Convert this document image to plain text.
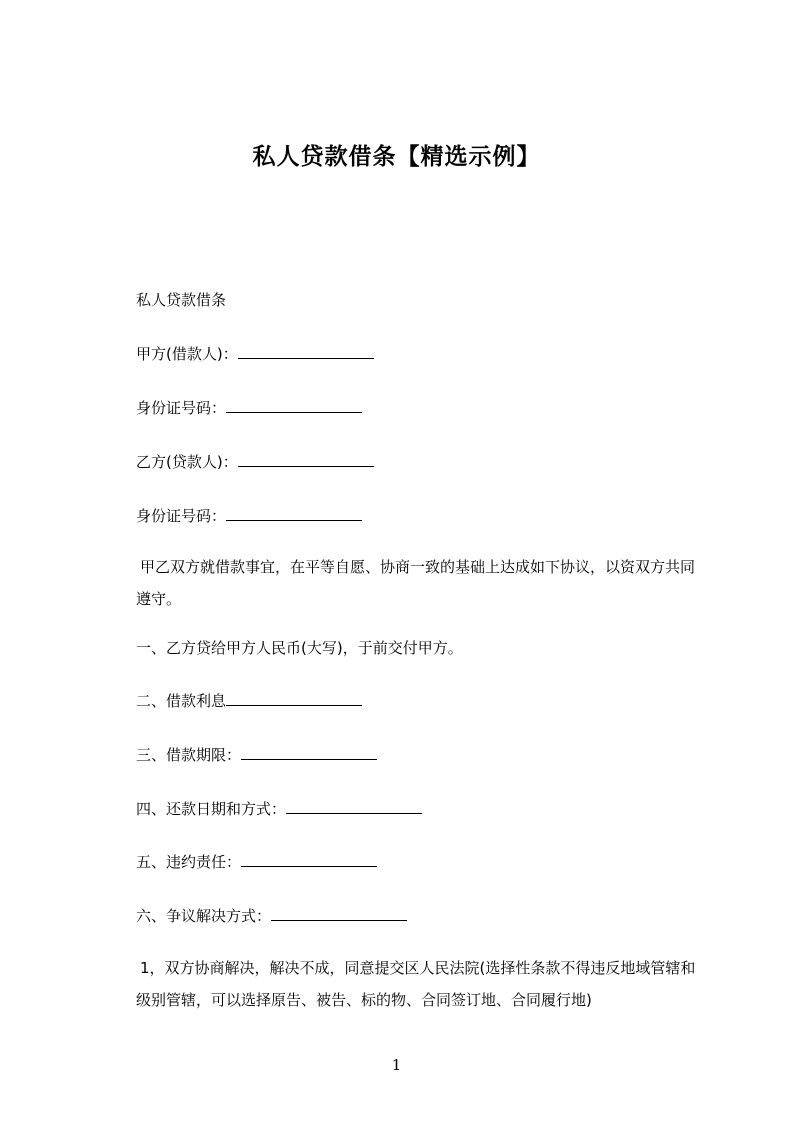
私人贷款借条【精选示例】
私人贷款借条
甲方(借款人)：
身份证号码：
乙方(贷款人)：
身份证号码：
甲乙双方就借款事宜，在平等自愿、协商一致的基础上达成如下协议，以资双方共同遵守。
一、乙方贷给甲方人民币(大写)，于前交付甲方。
二、借款利息
三、借款期限：
四、还款日期和方式：
五、违约责任：
六、争议解决方式：
1，双方协商解决，解决不成，同意提交区人民法院(选择性条款不得违反地域管辖和级别管辖，可以选择原告、被告、标的物、合同签订地、合同履行地)
1
